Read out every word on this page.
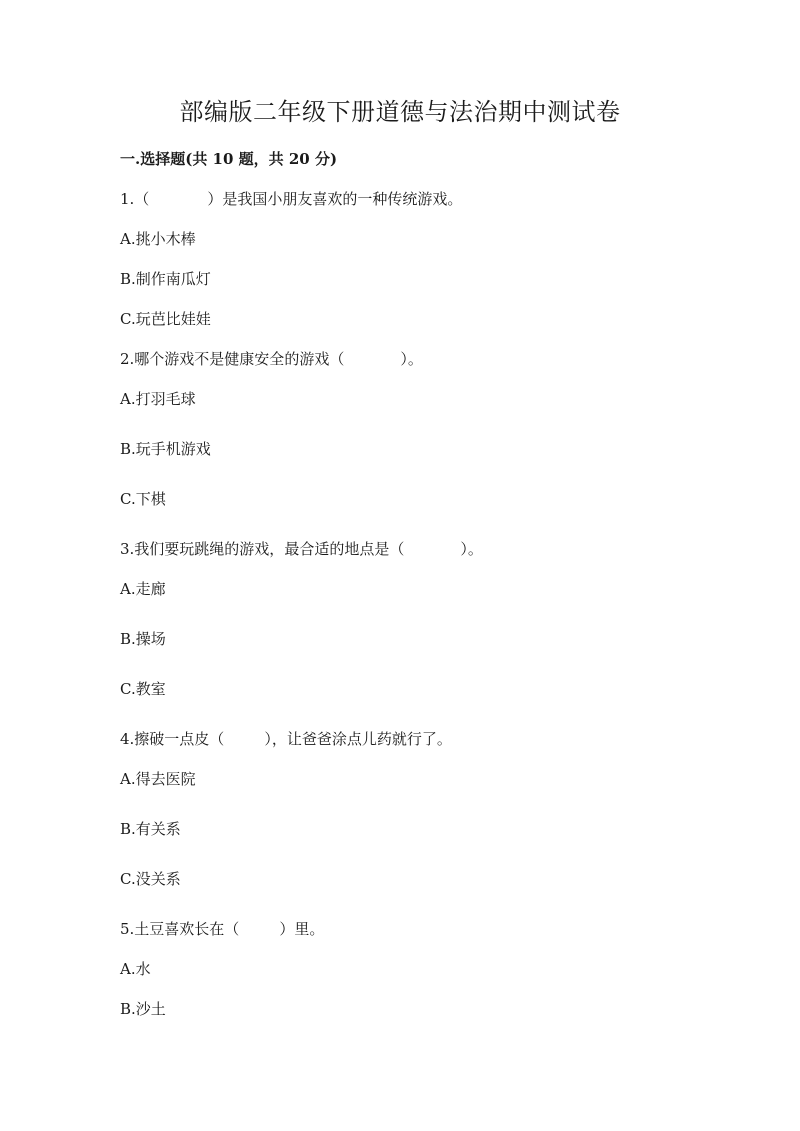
部编版二年级下册道德与法治期中测试卷
一.选择题(共 10 题，共 20 分)

1.（	）是我国小朋友喜欢的一种传统游戏。

A.挑小木棒

B.制作南瓜灯

C.玩芭比娃娃

2.哪个游戏不是健康安全的游戏（	）。

A.打羽毛球

B.玩手机游戏

C.下棋

3.我们要玩跳绳的游戏，最合适的地点是（	）。

A.走廊

B.操场

C.教室

4.擦破一点皮（	），让爸爸涂点儿药就行了。

A.得去医院

B.有关系

C.没关系

5.土豆喜欢长在（	）里。

A.水

B.沙土
